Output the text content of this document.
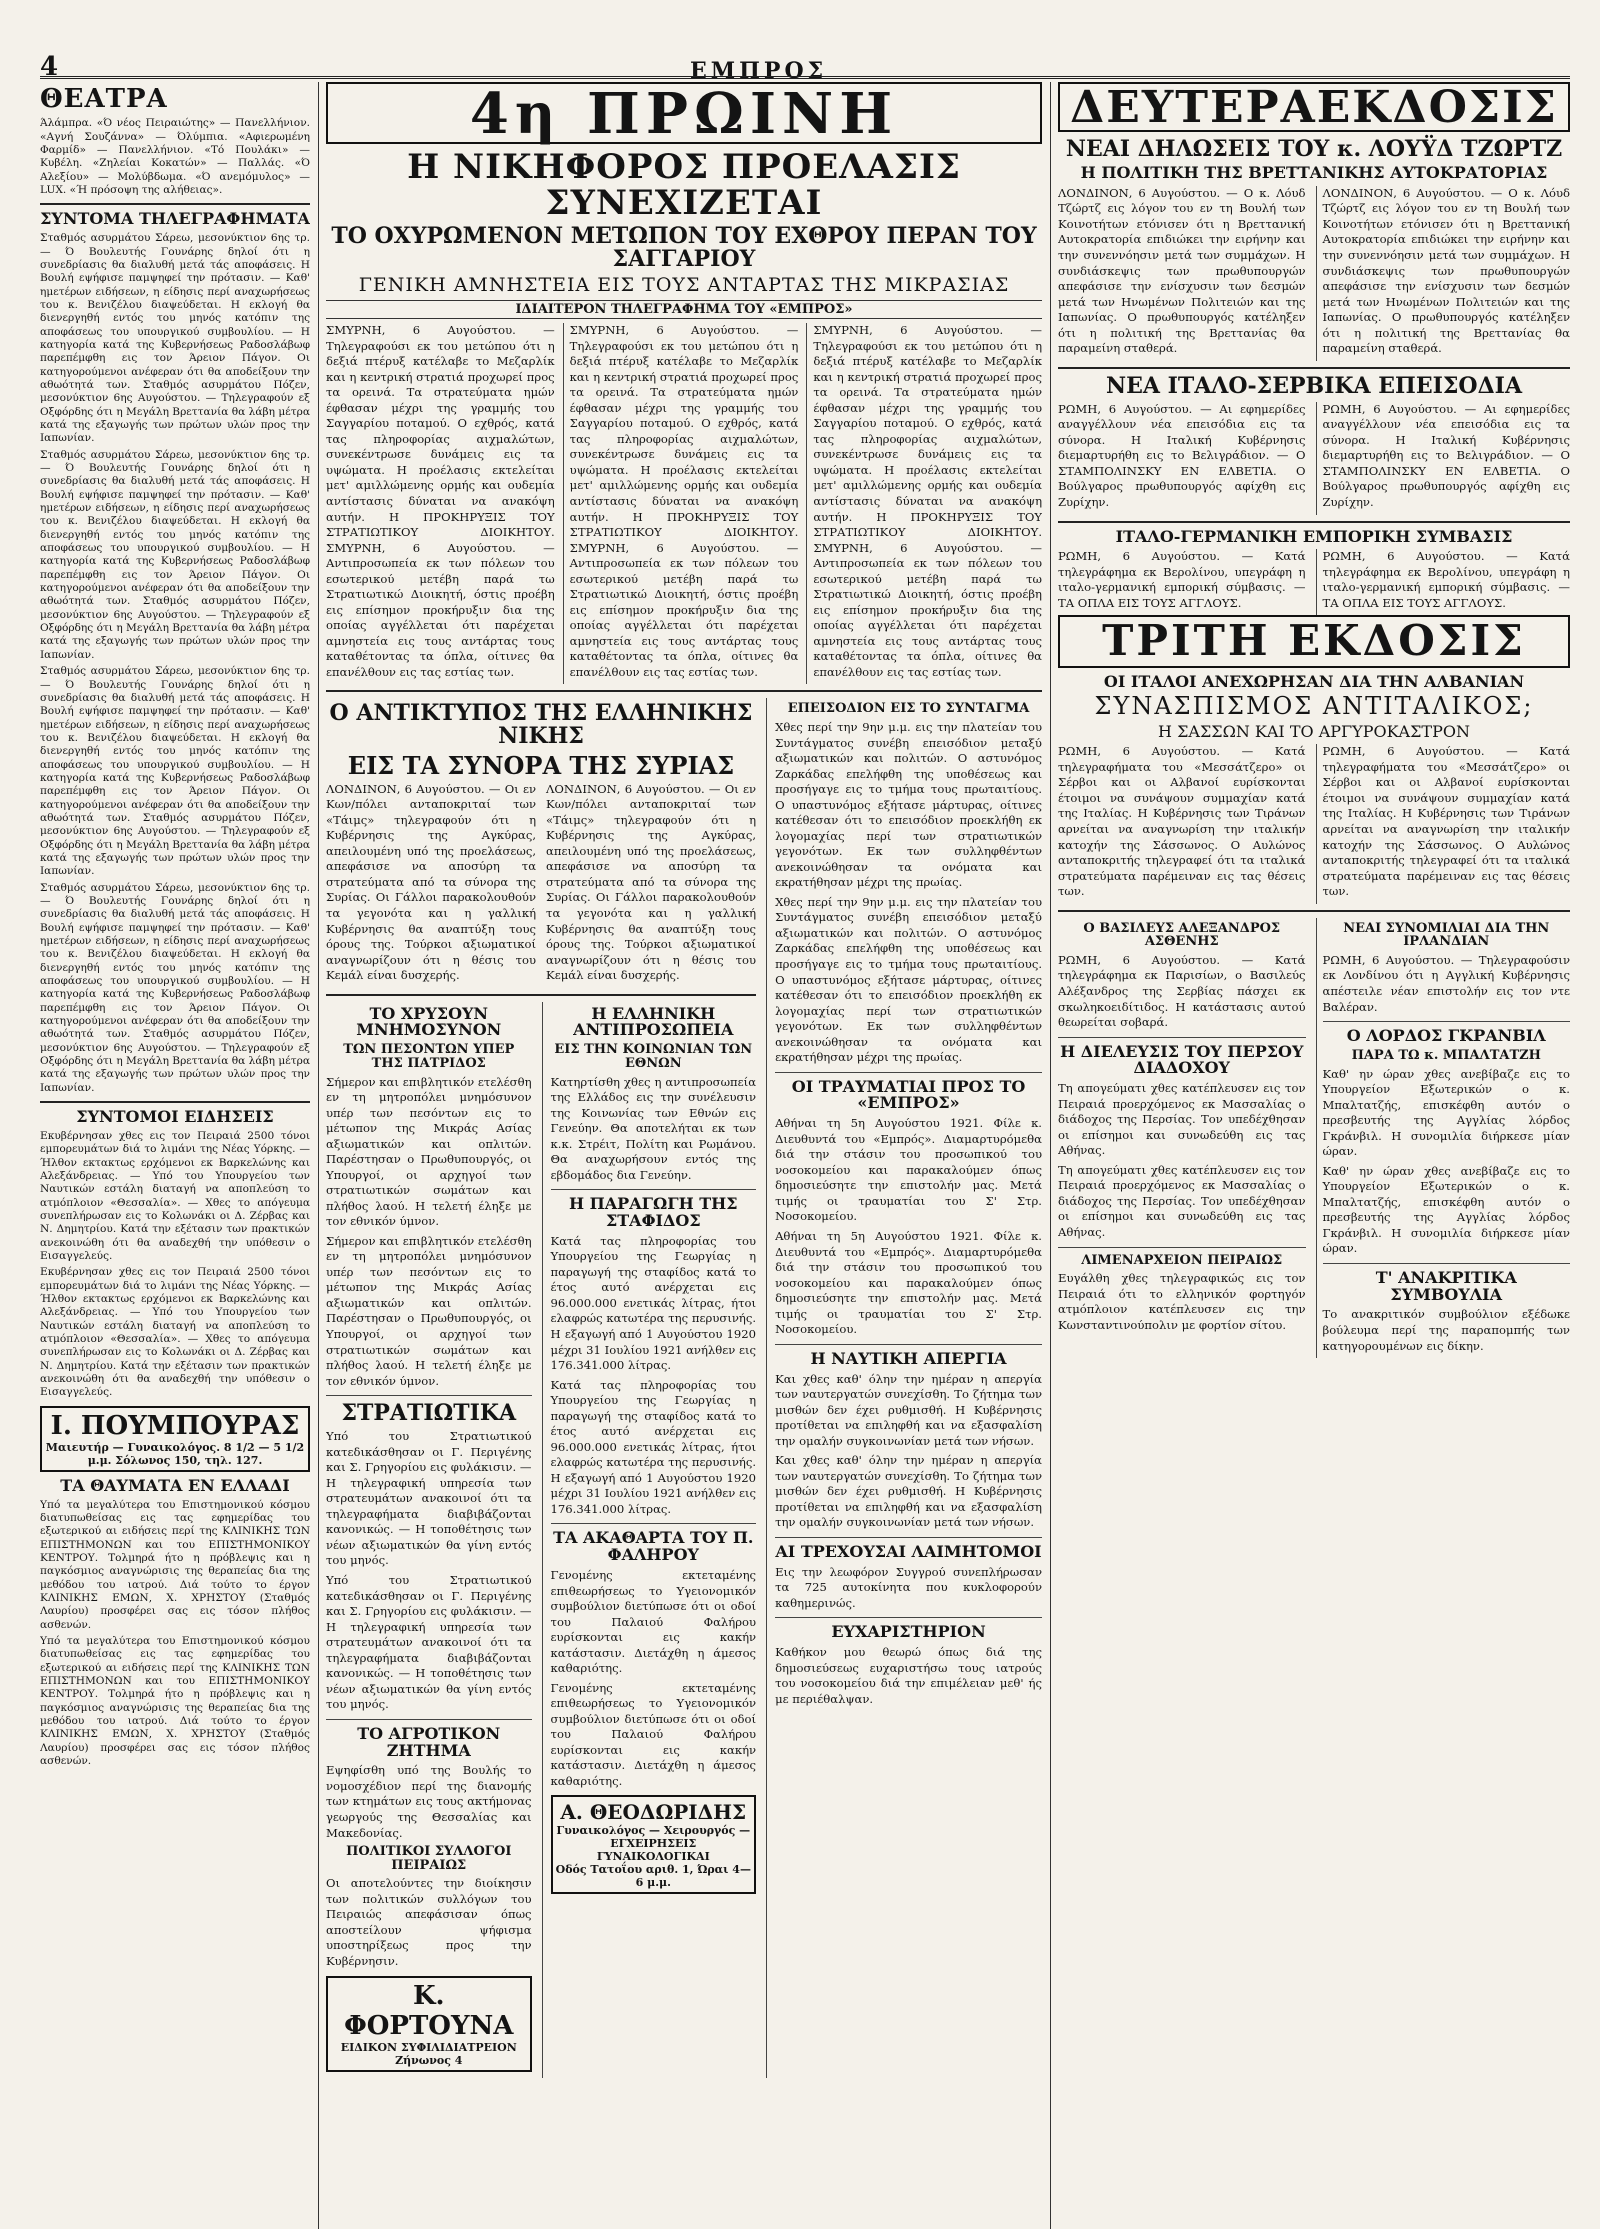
4	ΕΜΠΡΟΣ
ΘΕΑΤΡΑ

Άλάμπρα. «Ό νέος Πειραιώτης» — Πανελλήνιον. «Αγνή Σουζάννα» — Όλύμπια. «Αφιερωμένη Φαρμίδ» — Πανελλήνιον. «Τό Πουλάκι» — Κυβέλη. «Ζηλείαι Κοκατών» — Παλλάς. «Ό Αλεξίου» — Μολύβδωμα. «Ό ανεμόμυλος» — LUX. «Ή πρόσοψη της αλήθειας».

ΣΥΝΤΟΜΑ ΤΗΛΕΓΡΑΦΗΜΑΤΑ

Σταθμός ασυρμάτου Σάρεω, μεσονύκτιον 6ης τρ. — Ό Βουλευτής Γουνάρης δηλοί ότι η συνεδρίασις θα διαλυθή μετά τάς αποφάσεις. Η Βουλή εψήφισε παμψηφεί την πρότασιν. — Καθ' ημετέρων ειδήσεων, η είδησις περί αναχωρήσεως του κ. Βενιζέλου διαψεύδεται. Η εκλογή θα διενεργηθή εντός του μηνός κατόπιν της αποφάσεως του υπουργικού συμβουλίου. — Η κατηγορία κατά της Κυβερνήσεως Ραδοσλάβωφ παρεπέμφθη εις τον Άρειον Πάγον. Οι κατηγορούμενοι ανέφεραν ότι θα αποδείξουν την αθωότητά των. Σταθμός ασυρμάτου Πόζεν, μεσονύκτιον 6ης Αυγούστου. — Τηλεγραφούν εξ Οξφόρδης ότι η Μεγάλη Βρεττανία θα λάβη μέτρα κατά της εξαγωγής των πρώτων υλών προς την Ιαπωνίαν.

Σταθμός ασυρμάτου Σάρεω, μεσονύκτιον 6ης τρ. — Ό Βουλευτής Γουνάρης δηλοί ότι η συνεδρίασις θα διαλυθή μετά τάς αποφάσεις. Η Βουλή εψήφισε παμψηφεί την πρότασιν. — Καθ' ημετέρων ειδήσεων, η είδησις περί αναχωρήσεως του κ. Βενιζέλου διαψεύδεται. Η εκλογή θα διενεργηθή εντός του μηνός κατόπιν της αποφάσεως του υπουργικού συμβουλίου. — Η κατηγορία κατά της Κυβερνήσεως Ραδοσλάβωφ παρεπέμφθη εις τον Άρειον Πάγον. Οι κατηγορούμενοι ανέφεραν ότι θα αποδείξουν την αθωότητά των. Σταθμός ασυρμάτου Πόζεν, μεσονύκτιον 6ης Αυγούστου. — Τηλεγραφούν εξ Οξφόρδης ότι η Μεγάλη Βρεττανία θα λάβη μέτρα κατά της εξαγωγής των πρώτων υλών προς την Ιαπωνίαν.

Σταθμός ασυρμάτου Σάρεω, μεσονύκτιον 6ης τρ. — Ό Βουλευτής Γουνάρης δηλοί ότι η συνεδρίασις θα διαλυθή μετά τάς αποφάσεις. Η Βουλή εψήφισε παμψηφεί την πρότασιν. — Καθ' ημετέρων ειδήσεων, η είδησις περί αναχωρήσεως του κ. Βενιζέλου διαψεύδεται. Η εκλογή θα διενεργηθή εντός του μηνός κατόπιν της αποφάσεως του υπουργικού συμβουλίου. — Η κατηγορία κατά της Κυβερνήσεως Ραδοσλάβωφ παρεπέμφθη εις τον Άρειον Πάγον. Οι κατηγορούμενοι ανέφεραν ότι θα αποδείξουν την αθωότητά των. Σταθμός ασυρμάτου Πόζεν, μεσονύκτιον 6ης Αυγούστου. — Τηλεγραφούν εξ Οξφόρδης ότι η Μεγάλη Βρεττανία θα λάβη μέτρα κατά της εξαγωγής των πρώτων υλών προς την Ιαπωνίαν.

Σταθμός ασυρμάτου Σάρεω, μεσονύκτιον 6ης τρ. — Ό Βουλευτής Γουνάρης δηλοί ότι η συνεδρίασις θα διαλυθή μετά τάς αποφάσεις. Η Βουλή εψήφισε παμψηφεί την πρότασιν. — Καθ' ημετέρων ειδήσεων, η είδησις περί αναχωρήσεως του κ. Βενιζέλου διαψεύδεται. Η εκλογή θα διενεργηθή εντός του μηνός κατόπιν της αποφάσεως του υπουργικού συμβουλίου. — Η κατηγορία κατά της Κυβερνήσεως Ραδοσλάβωφ παρεπέμφθη εις τον Άρειον Πάγον. Οι κατηγορούμενοι ανέφεραν ότι θα αποδείξουν την αθωότητά των. Σταθμός ασυρμάτου Πόζεν, μεσονύκτιον 6ης Αυγούστου. — Τηλεγραφούν εξ Οξφόρδης ότι η Μεγάλη Βρεττανία θα λάβη μέτρα κατά της εξαγωγής των πρώτων υλών προς την Ιαπωνίαν.

ΣΥΝΤΟΜΟΙ ΕΙΔΗΣΕΙΣ

Εκυβέρνησαν χθες εις τον Πειραιά 2500 τόνοι εμπορευμάτων διά το λιμάνι της Νέας Υόρκης. — Ήλθον εκτακτως ερχόμενοι εκ Βαρκελώνης και Αλεξάνδρειας. — Υπό του Υπουργείου των Ναυτικών εστάλη διαταγή να αποπλεύση το ατμόπλοιον «Θεσσαλία». — Χθες το απόγευμα συνεπλήρωσαν εις το Κολωνάκι οι Δ. Ζέρβας και Ν. Δημητρίου. Κατά την εξέτασιν των πρακτικών ανεκοινώθη ότι θα αναδεχθή την υπόθεσιν ο Εισαγγελεύς.

Εκυβέρνησαν χθες εις τον Πειραιά 2500 τόνοι εμπορευμάτων διά το λιμάνι της Νέας Υόρκης. — Ήλθον εκτακτως ερχόμενοι εκ Βαρκελώνης και Αλεξάνδρειας. — Υπό του Υπουργείου των Ναυτικών εστάλη διαταγή να αποπλεύση το ατμόπλοιον «Θεσσαλία». — Χθες το απόγευμα συνεπλήρωσαν εις το Κολωνάκι οι Δ. Ζέρβας και Ν. Δημητρίου. Κατά την εξέτασιν των πρακτικών ανεκοινώθη ότι θα αναδεχθή την υπόθεσιν ο Εισαγγελεύς.

Ι. ΠΟΥΜΠΟΥΡΑΣ
Μαιευτήρ — Γυναικολόγος. 8 1/2 — 5 1/2 μ.μ. Σόλωνος 150, τηλ. 127.
ΤΑ ΘΑΥΜΑΤΑ ΕΝ ΕΛΛΑΔΙ

Υπό τα μεγαλύτερα του Επιστημονικού κόσμου διατυπωθείσας εις τας εφημερίδας του εξωτερικού αι ειδήσεις περί της ΚΛΙΝΙΚΗΣ ΤΩΝ ΕΠΙΣΤΗΜΟΝΩΝ και του ΕΠΙΣΤΗΜΟΝΙΚΟΥ ΚΕΝΤΡΟΥ. Τολμηρά ήτο η πρόβλεψις και η παγκόσμιος αναγνώρισις της θεραπείας δια της μεθόδου του ιατρού. Διά τούτο το έργον ΚΛΙΝΙΚΗΣ ΕΜΩΝ, Χ. ΧΡΗΣΤΟΥ (Σταθμός Λαυρίου) προσφέρει σας εις τόσον πλήθος ασθενών.

Υπό τα μεγαλύτερα του Επιστημονικού κόσμου διατυπωθείσας εις τας εφημερίδας του εξωτερικού αι ειδήσεις περί της ΚΛΙΝΙΚΗΣ ΤΩΝ ΕΠΙΣΤΗΜΟΝΩΝ και του ΕΠΙΣΤΗΜΟΝΙΚΟΥ ΚΕΝΤΡΟΥ. Τολμηρά ήτο η πρόβλεψις και η παγκόσμιος αναγνώρισις της θεραπείας δια της μεθόδου του ιατρού. Διά τούτο το έργον ΚΛΙΝΙΚΗΣ ΕΜΩΝ, Χ. ΧΡΗΣΤΟΥ (Σταθμός Λαυρίου) προσφέρει σας εις τόσον πλήθος ασθενών.

4η ΠΡΩΙΝΗ
Η ΝΙΚΗΦΟΡΟΣ ΠΡΟΕΛΑΣΙΣ ΣΥΝΕΧΙΖΕΤΑΙ
ΤΟ ΟΧΥΡΩΜΕΝΟΝ ΜΕΤΩΠΟΝ ΤΟΥ ΕΧΘΡΟΥ ΠΕΡΑΝ ΤΟΥ ΣΑΓΓΑΡΙΟΥ
ΓΕΝΙΚΗ ΑΜΝΗΣΤΕΙΑ ΕΙΣ ΤΟΥΣ ΑΝΤΑΡΤΑΣ ΤΗΣ ΜΙΚΡΑΣΙΑΣ
ΙΔΙΑΙΤΕΡΟΝ ΤΗΛΕΓΡΑΦΗΜΑ ΤΟΥ «ΕΜΠΡΟΣ»

ΣΜΥΡΝΗ, 6 Αυγούστου. — Τηλεγραφούσι εκ του μετώπου ότι η δεξιά πτέρυξ κατέλαβε το Μεζαρλίκ και η κεντρική στρατιά προχωρεί προς τα ορεινά. Τα στρατεύματα ημών έφθασαν μέχρι της γραμμής του Σαγγαρίου ποταμού. Ο εχθρός, κατά τας πληροφορίας αιχμαλώτων, συνεκέντρωσε δυνάμεις εις τα υψώματα. Η προέλασις εκτελείται μετ' αμιλλώμενης ορμής και ουδεμία αντίστασις δύναται να ανακόψη αυτήν. Η ΠΡΟΚΗΡΥΞΙΣ ΤΟΥ ΣΤΡΑΤΙΩΤΙΚΟΥ ΔΙΟΙΚΗΤΟΥ. ΣΜΥΡΝΗ, 6 Αυγούστου. — Αντιπροσωπεία εκ των πόλεων του εσωτερικού μετέβη παρά τω Στρατιωτικώ Διοικητή, όστις προέβη εις επίσημον προκήρυξιν δια της οποίας αγγέλλεται ότι παρέχεται αμνηστεία εις τους αντάρτας τους καταθέτοντας τα όπλα, οίτινες θα επανέλθουν εις τας εστίας των.

ΣΜΥΡΝΗ, 6 Αυγούστου. — Τηλεγραφούσι εκ του μετώπου ότι η δεξιά πτέρυξ κατέλαβε το Μεζαρλίκ και η κεντρική στρατιά προχωρεί προς τα ορεινά. Τα στρατεύματα ημών έφθασαν μέχρι της γραμμής του Σαγγαρίου ποταμού. Ο εχθρός, κατά τας πληροφορίας αιχμαλώτων, συνεκέντρωσε δυνάμεις εις τα υψώματα. Η προέλασις εκτελείται μετ' αμιλλώμενης ορμής και ουδεμία αντίστασις δύναται να ανακόψη αυτήν. Η ΠΡΟΚΗΡΥΞΙΣ ΤΟΥ ΣΤΡΑΤΙΩΤΙΚΟΥ ΔΙΟΙΚΗΤΟΥ. ΣΜΥΡΝΗ, 6 Αυγούστου. — Αντιπροσωπεία εκ των πόλεων του εσωτερικού μετέβη παρά τω Στρατιωτικώ Διοικητή, όστις προέβη εις επίσημον προκήρυξιν δια της οποίας αγγέλλεται ότι παρέχεται αμνηστεία εις τους αντάρτας τους καταθέτοντας τα όπλα, οίτινες θα επανέλθουν εις τας εστίας των.

ΣΜΥΡΝΗ, 6 Αυγούστου. — Τηλεγραφούσι εκ του μετώπου ότι η δεξιά πτέρυξ κατέλαβε το Μεζαρλίκ και η κεντρική στρατιά προχωρεί προς τα ορεινά. Τα στρατεύματα ημών έφθασαν μέχρι της γραμμής του Σαγγαρίου ποταμού. Ο εχθρός, κατά τας πληροφορίας αιχμαλώτων, συνεκέντρωσε δυνάμεις εις τα υψώματα. Η προέλασις εκτελείται μετ' αμιλλώμενης ορμής και ουδεμία αντίστασις δύναται να ανακόψη αυτήν. Η ΠΡΟΚΗΡΥΞΙΣ ΤΟΥ ΣΤΡΑΤΙΩΤΙΚΟΥ ΔΙΟΙΚΗΤΟΥ. ΣΜΥΡΝΗ, 6 Αυγούστου. — Αντιπροσωπεία εκ των πόλεων του εσωτερικού μετέβη παρά τω Στρατιωτικώ Διοικητή, όστις προέβη εις επίσημον προκήρυξιν δια της οποίας αγγέλλεται ότι παρέχεται αμνηστεία εις τους αντάρτας τους καταθέτοντας τα όπλα, οίτινες θα επανέλθουν εις τας εστίας των.

Ο ΑΝΤΙΚΤΥΠΟΣ ΤΗΣ ΕΛΛΗΝΙΚΗΣ ΝΙΚΗΣ
ΕΙΣ ΤΑ ΣΥΝΟΡΑ ΤΗΣ ΣΥΡΙΑΣ

ΛΟΝΔΙΝΟΝ, 6 Αυγούστου. — Οι εν Κων/πόλει ανταποκριταί των «Τάιμς» τηλεγραφούν ότι η Κυβέρνησις της Αγκύρας, απειλουμένη υπό της προελάσεως, απεφάσισε να αποσύρη τα στρατεύματα από τα σύνορα της Συρίας. Οι Γάλλοι παρακολουθούν τα γεγονότα και η γαλλική Κυβέρνησις θα αναπτύξη τους όρους της. Τούρκοι αξιωματικοί αναγνωρίζουν ότι η θέσις του Κεμάλ είναι δυσχερής.

ΛΟΝΔΙΝΟΝ, 6 Αυγούστου. — Οι εν Κων/πόλει ανταποκριταί των «Τάιμς» τηλεγραφούν ότι η Κυβέρνησις της Αγκύρας, απειλουμένη υπό της προελάσεως, απεφάσισε να αποσύρη τα στρατεύματα από τα σύνορα της Συρίας. Οι Γάλλοι παρακολουθούν τα γεγονότα και η γαλλική Κυβέρνησις θα αναπτύξη τους όρους της. Τούρκοι αξιωματικοί αναγνωρίζουν ότι η θέσις του Κεμάλ είναι δυσχερής.

ΤΟ ΧΡΥΣΟΥΝ ΜΝΗΜΟΣΥΝΟΝ
ΤΩΝ ΠΕΣΟΝΤΩΝ ΥΠΕΡ ΤΗΣ ΠΑΤΡΙΔΟΣ

Σήμερον και επιβλητικόν ετελέσθη εν τη μητροπόλει μνημόσυνον υπέρ των πεσόντων εις το μέτωπον της Μικράς Ασίας αξιωματικών και οπλιτών. Παρέστησαν ο Πρωθυπουργός, οι Υπουργοί, οι αρχηγοί των στρατιωτικών σωμάτων και πλήθος λαού. Η τελετή έληξε με τον εθνικόν ύμνον.

Σήμερον και επιβλητικόν ετελέσθη εν τη μητροπόλει μνημόσυνον υπέρ των πεσόντων εις το μέτωπον της Μικράς Ασίας αξιωματικών και οπλιτών. Παρέστησαν ο Πρωθυπουργός, οι Υπουργοί, οι αρχηγοί των στρατιωτικών σωμάτων και πλήθος λαού. Η τελετή έληξε με τον εθνικόν ύμνον.

ΣΤΡΑΤΙΩΤΙΚΑ

Υπό του Στρατιωτικού κατεδικάσθησαν οι Γ. Περιγένης και Σ. Γρηγορίου εις φυλάκισιν. — Η τηλεγραφική υπηρεσία των στρατευμάτων ανακοινοί ότι τα τηλεγραφήματα διαβιβάζονται κανονικώς. — Η τοποθέτησις των νέων αξιωματικών θα γίνη εντός του μηνός.

Υπό του Στρατιωτικού κατεδικάσθησαν οι Γ. Περιγένης και Σ. Γρηγορίου εις φυλάκισιν. — Η τηλεγραφική υπηρεσία των στρατευμάτων ανακοινοί ότι τα τηλεγραφήματα διαβιβάζονται κανονικώς. — Η τοποθέτησις των νέων αξιωματικών θα γίνη εντός του μηνός.

ΤΟ ΑΓΡΟΤΙΚΟΝ ΖΗΤΗΜΑ

Εψηφίσθη υπό της Βουλής το νομοσχέδιον περί της διανομής των κτημάτων εις τους ακτήμονας γεωργούς της Θεσσαλίας και Μακεδονίας.

ΠΟΛΙΤΙΚΟΙ ΣΥΛΛΟΓΟΙ ΠΕΙΡΑΙΩΣ

Οι αποτελούντες την διοίκησιν των πολιτικών συλλόγων του Πειραιώς απεφάσισαν όπως αποστείλουν ψήφισμα υποστηρίξεως προς την Κυβέρνησιν.

Κ. ΦΟΡΤΟΥΝΑ
ΕΙΔΙΚΟΝ ΣΥΦΙΛΙΔΙΑΤΡΕΙΟΝ
Ζήνωνος 4
Η ΕΛΛΗΝΙΚΗ ΑΝΤΙΠΡΟΣΩΠΕΙΑ
ΕΙΣ ΤΗΝ ΚΟΙΝΩΝΙΑΝ ΤΩΝ ΕΘΝΩΝ

Κατηρτίσθη χθες η αντιπροσωπεία της Ελλάδος εις την συνέλευσιν της Κοινωνίας των Εθνών εις Γενεύην. Θα αποτελήται εκ των κ.κ. Στρέιτ, Πολίτη και Ρωμάνου. Θα αναχωρήσουν εντός της εβδομάδος δια Γενεύην.

Η ΠΑΡΑΓΩΓΗ ΤΗΣ ΣΤΑΦΙΔΟΣ

Κατά τας πληροφορίας του Υπουργείου της Γεωργίας η παραγωγή της σταφίδος κατά το έτος αυτό ανέρχεται εις 96.000.000 ενετικάς λίτρας, ήτοι ελαφρώς κατωτέρα της περυσινής. Η εξαγωγή από 1 Αυγούστου 1920 μέχρι 31 Ιουλίου 1921 ανήλθεν εις 176.341.000 λίτρας.

Κατά τας πληροφορίας του Υπουργείου της Γεωργίας η παραγωγή της σταφίδος κατά το έτος αυτό ανέρχεται εις 96.000.000 ενετικάς λίτρας, ήτοι ελαφρώς κατωτέρα της περυσινής. Η εξαγωγή από 1 Αυγούστου 1920 μέχρι 31 Ιουλίου 1921 ανήλθεν εις 176.341.000 λίτρας.

ΤΑ ΑΚΑΘΑΡΤΑ ΤΟΥ Π. ΦΑΛΗΡΟΥ

Γενομένης εκτεταμένης επιθεωρήσεως το Υγειονομικόν συμβούλιον διετύπωσε ότι οι οδοί του Παλαιού Φαλήρου ευρίσκονται εις κακήν κατάστασιν. Διετάχθη η άμεσος καθαριότης.

Γενομένης εκτεταμένης επιθεωρήσεως το Υγειονομικόν συμβούλιον διετύπωσε ότι οι οδοί του Παλαιού Φαλήρου ευρίσκονται εις κακήν κατάστασιν. Διετάχθη η άμεσος καθαριότης.

Α. ΘΕΟΔΩΡΙΔΗΣ
Γυναικολόγος — Χειρουργός — ΕΓΧΕΙΡΗΣΕΙΣ ΓΥΝΑΙΚΟΛΟΓΙΚΑΙ
Οδός Τατοΐου αριθ. 1, Ώραι 4—6 μ.μ.
ΕΠΕΙΣΟΔΙΟΝ ΕΙΣ ΤΟ ΣΥΝΤΑΓΜΑ

Χθες περί την 9ην μ.μ. εις την πλατείαν του Συντάγματος συνέβη επεισόδιον μεταξύ αξιωματικών και πολιτών. Ο αστυνόμος Ζαρκάδας επελήφθη της υποθέσεως και προσήγαγε εις το τμήμα τους πρωταιτίους. Ο υπαστυνόμος εξήτασε μάρτυρας, οίτινες κατέθεσαν ότι το επεισόδιον προεκλήθη εκ λογομαχίας περί των στρατιωτικών γεγονότων. Εκ των συλληφθέντων ανεκοινώθησαν τα ονόματα και εκρατήθησαν μέχρι της πρωίας.

Χθες περί την 9ην μ.μ. εις την πλατείαν του Συντάγματος συνέβη επεισόδιον μεταξύ αξιωματικών και πολιτών. Ο αστυνόμος Ζαρκάδας επελήφθη της υποθέσεως και προσήγαγε εις το τμήμα τους πρωταιτίους. Ο υπαστυνόμος εξήτασε μάρτυρας, οίτινες κατέθεσαν ότι το επεισόδιον προεκλήθη εκ λογομαχίας περί των στρατιωτικών γεγονότων. Εκ των συλληφθέντων ανεκοινώθησαν τα ονόματα και εκρατήθησαν μέχρι της πρωίας.

ΟΙ ΤΡΑΥΜΑΤΙΑΙ ΠΡΟΣ ΤΟ «ΕΜΠΡΟΣ»

Αθήναι τη 5η Αυγούστου 1921. Φίλε κ. Διευθυντά του «Εμπρός». Διαμαρτυρόμεθα διά την στάσιν του προσωπικού του νοσοκομείου και παρακαλούμεν όπως δημοσιεύσητε την επιστολήν μας. Μετά τιμής οι τραυματίαι του Σ' Στρ. Νοσοκομείου.

Αθήναι τη 5η Αυγούστου 1921. Φίλε κ. Διευθυντά του «Εμπρός». Διαμαρτυρόμεθα διά την στάσιν του προσωπικού του νοσοκομείου και παρακαλούμεν όπως δημοσιεύσητε την επιστολήν μας. Μετά τιμής οι τραυματίαι του Σ' Στρ. Νοσοκομείου.

Η ΝΑΥΤΙΚΗ ΑΠΕΡΓΙΑ

Και χθες καθ' όλην την ημέραν η απεργία των ναυτεργατών συνεχίσθη. Το ζήτημα των μισθών δεν έχει ρυθμισθή. Η Κυβέρνησις προτίθεται να επιληφθή και να εξασφαλίση την ομαλήν συγκοινωνίαν μετά των νήσων.

Και χθες καθ' όλην την ημέραν η απεργία των ναυτεργατών συνεχίσθη. Το ζήτημα των μισθών δεν έχει ρυθμισθή. Η Κυβέρνησις προτίθεται να επιληφθή και να εξασφαλίση την ομαλήν συγκοινωνίαν μετά των νήσων.

ΑΙ ΤΡΕΧΟΥΣΑΙ ΛΑΙΜΗΤΟΜΟΙ

Εις την λεωφόρον Συγγρού συνεπλήρωσαν τα 725 αυτοκίνητα που κυκλοφορούν καθημερινώς.

ΕΥΧΑΡΙΣΤΗΡΙΟΝ

Καθήκον μου θεωρώ όπως διά της δημοσιεύσεως ευχαριστήσω τους ιατρούς του νοσοκομείου διά την επιμέλειαν μεθ' ής με περιέθαλψαν.

ΔΕΥΤΕΡΑΕΚΔΟΣΙΣ
ΝΕΑΙ ΔΗΛΩΣΕΙΣ ΤΟΥ κ. ΛΟΥΫΔ ΤΖΩΡΤΖ
Η ΠΟΛΙΤΙΚΗ ΤΗΣ ΒΡΕΤΤΑΝΙΚΗΣ ΑΥΤΟΚΡΑΤΟΡΙΑΣ

ΛΟΝΔΙΝΟΝ, 6 Αυγούστου. — Ο κ. Λόυδ Τζώρτζ εις λόγον του εν τη Βουλή των Κοινοτήτων ετόνισεν ότι η Βρεττανική Αυτοκρατορία επιδιώκει την ειρήνην και την συνεννόησιν μετά των συμμάχων. Η συνδιάσκεψις των πρωθυπουργών απεφάσισε την ενίσχυσιν των δεσμών μετά των Ηνωμένων Πολιτειών και της Ιαπωνίας. Ο πρωθυπουργός κατέληξεν ότι η πολιτική της Βρεττανίας θα παραμείνη σταθερά.

ΛΟΝΔΙΝΟΝ, 6 Αυγούστου. — Ο κ. Λόυδ Τζώρτζ εις λόγον του εν τη Βουλή των Κοινοτήτων ετόνισεν ότι η Βρεττανική Αυτοκρατορία επιδιώκει την ειρήνην και την συνεννόησιν μετά των συμμάχων. Η συνδιάσκεψις των πρωθυπουργών απεφάσισε την ενίσχυσιν των δεσμών μετά των Ηνωμένων Πολιτειών και της Ιαπωνίας. Ο πρωθυπουργός κατέληξεν ότι η πολιτική της Βρεττανίας θα παραμείνη σταθερά.

ΝΕΑ ΙΤΑΛΟ-ΣΕΡΒΙΚΑ ΕΠΕΙΣΟΔΙΑ

ΡΩΜΗ, 6 Αυγούστου. — Αι εφημερίδες αναγγέλλουν νέα επεισόδια εις τα σύνορα. Η Ιταλική Κυβέρνησις διεμαρτυρήθη εις το Βελιγράδιον. — Ο ΣΤΑΜΠΟΛΙΝΣΚΥ ΕΝ ΕΛΒΕΤΙΑ. Ο Βούλγαρος πρωθυπουργός αφίχθη εις Ζυρίχην.

ΡΩΜΗ, 6 Αυγούστου. — Αι εφημερίδες αναγγέλλουν νέα επεισόδια εις τα σύνορα. Η Ιταλική Κυβέρνησις διεμαρτυρήθη εις το Βελιγράδιον. — Ο ΣΤΑΜΠΟΛΙΝΣΚΥ ΕΝ ΕΛΒΕΤΙΑ. Ο Βούλγαρος πρωθυπουργός αφίχθη εις Ζυρίχην.

ΙΤΑΛΟ-ΓΕΡΜΑΝΙΚΗ ΕΜΠΟΡΙΚΗ ΣΥΜΒΑΣΙΣ

ΡΩΜΗ, 6 Αυγούστου. — Κατά τηλεγράφημα εκ Βερολίνου, υπεγράφη η ιταλο-γερμανική εμπορική σύμβασις. — ΤΑ ΟΠΛΑ ΕΙΣ ΤΟΥΣ ΑΓΓΛΟΥΣ.

ΡΩΜΗ, 6 Αυγούστου. — Κατά τηλεγράφημα εκ Βερολίνου, υπεγράφη η ιταλο-γερμανική εμπορική σύμβασις. — ΤΑ ΟΠΛΑ ΕΙΣ ΤΟΥΣ ΑΓΓΛΟΥΣ.

ΤΡΙΤΗ ΕΚΔΟΣΙΣ
ΟΙ ΙΤΑΛΟΙ ΑΝΕΧΩΡΗΣΑΝ ΔΙΑ ΤΗΝ ΑΛΒΑΝΙΑΝ
ΣΥΝΑΣΠΙΣΜΟΣ ΑΝΤΙΤΑΛΙΚΟΣ;
Η ΣΑΣΣΩΝ ΚΑΙ ΤΟ ΑΡΓΥΡΟΚΑΣΤΡΟΝ

ΡΩΜΗ, 6 Αυγούστου. — Κατά τηλεγραφήματα του «Μεσσάτζερο» οι Σέρβοι και οι Αλβανοί ευρίσκονται έτοιμοι να συνάψουν συμμαχίαν κατά της Ιταλίας. Η Κυβέρνησις των Τιράνων αρνείται να αναγνωρίση την ιταλικήν κατοχήν της Σάσσωνος. Ο Αυλώνος ανταποκριτής τηλεγραφεί ότι τα ιταλικά στρατεύματα παρέμειναν εις τας θέσεις των.

ΡΩΜΗ, 6 Αυγούστου. — Κατά τηλεγραφήματα του «Μεσσάτζερο» οι Σέρβοι και οι Αλβανοί ευρίσκονται έτοιμοι να συνάψουν συμμαχίαν κατά της Ιταλίας. Η Κυβέρνησις των Τιράνων αρνείται να αναγνωρίση την ιταλικήν κατοχήν της Σάσσωνος. Ο Αυλώνος ανταποκριτής τηλεγραφεί ότι τα ιταλικά στρατεύματα παρέμειναν εις τας θέσεις των.

Ο ΒΑΣΙΛΕΥΣ ΑΛΕΞΑΝΔΡΟΣ ΑΣΘΕΝΗΣ

ΡΩΜΗ, 6 Αυγούστου. — Κατά τηλεγράφημα εκ Παρισίων, ο Βασιλεύς Αλέξανδρος της Σερβίας πάσχει εκ σκωληκοειδίτιδος. Η κατάστασις αυτού θεωρείται σοβαρά.

Η ΔΙΕΛΕΥΣΙΣ ΤΟΥ ΠΕΡΣΟΥ ΔΙΑΔΟΧΟΥ

Τη απογεύματι χθες κατέπλευσεν εις τον Πειραιά προερχόμενος εκ Μασσαλίας ο διάδοχος της Περσίας. Τον υπεδέχθησαν οι επίσημοι και συνωδεύθη εις τας Αθήνας.

Τη απογεύματι χθες κατέπλευσεν εις τον Πειραιά προερχόμενος εκ Μασσαλίας ο διάδοχος της Περσίας. Τον υπεδέχθησαν οι επίσημοι και συνωδεύθη εις τας Αθήνας.

ΛΙΜΕΝΑΡΧΕΙΟΝ ΠΕΙΡΑΙΩΣ

Ευγάλθη χθες τηλεγραφικώς εις τον Πειραιά ότι το ελληνικόν φορτηγόν ατμόπλοιον κατέπλευσεν εις την Κωνσταντινούπολιν με φορτίον σίτου.

ΝΕΑΙ ΣΥΝΟΜΙΛΙΑΙ ΔΙΑ ΤΗΝ ΙΡΛΑΝΔΙΑΝ

ΡΩΜΗ, 6 Αυγούστου. — Τηλεγραφούσιν εκ Λονδίνου ότι η Αγγλική Κυβέρνησις απέστειλε νέαν επιστολήν εις τον ντε Βαλέραν.

Ο ΛΟΡΔΟΣ ΓΚΡΑΝΒΙΛ
ΠΑΡΑ ΤΩ κ. ΜΠΑΛΤΑΤΖΗ

Καθ' ην ώραν χθες ανεβίβαζε εις το Υπουργείον Εξωτερικών ο κ. Μπαλτατζής, επισκέφθη αυτόν ο πρεσβευτής της Αγγλίας λόρδος Γκράνβιλ. Η συνομιλία διήρκεσε μίαν ώραν.

Καθ' ην ώραν χθες ανεβίβαζε εις το Υπουργείον Εξωτερικών ο κ. Μπαλτατζής, επισκέφθη αυτόν ο πρεσβευτής της Αγγλίας λόρδος Γκράνβιλ. Η συνομιλία διήρκεσε μίαν ώραν.

Τ' ΑΝΑΚΡΙΤΙΚΑ ΣΥΜΒΟΥΛΙΑ

Το ανακριτικόν συμβούλιον εξέδωκε βούλευμα περί της παραπομπής των κατηγορουμένων εις δίκην.
